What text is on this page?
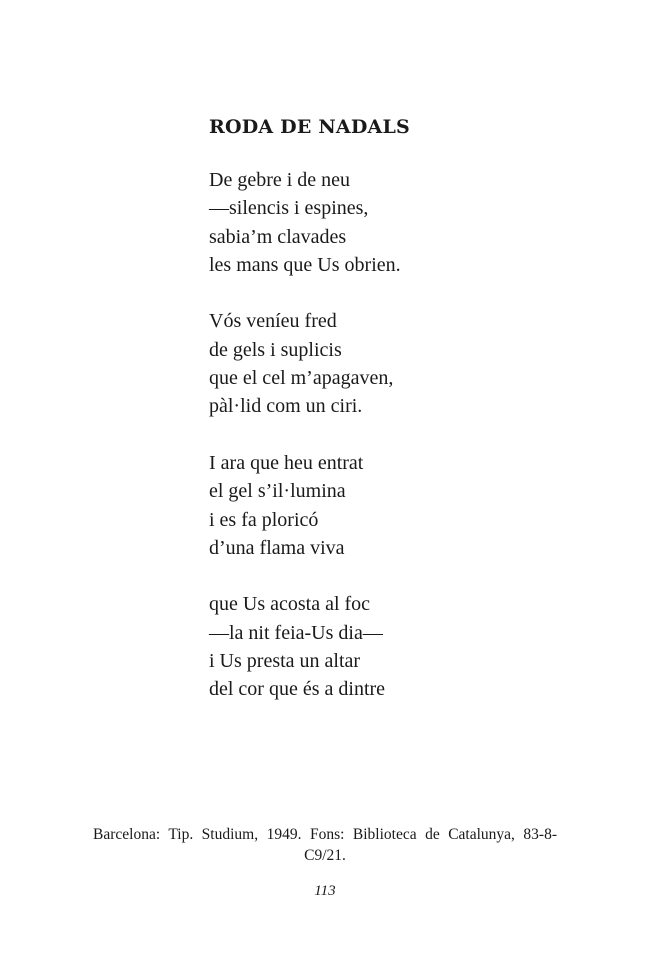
RODA DE NADALS
De gebre i de neu
—silencis i espines,
sabia’m clavades
les mans que Us obrien.
Vós veníeu fred
de gels i suplicis
que el cel m’apagaven,
pàl·lid com un ciri.
I ara que heu entrat
el gel s’il·lumina
i es fa ploricó
d’una flama viva
que Us acosta al foc
—la nit feia-Us dia—
i Us presta un altar
del cor que és a dintre

Barcelona: Tip. Studium, 1949. Fons: Biblioteca de Catalunya, 83-8-C9/21.

113
